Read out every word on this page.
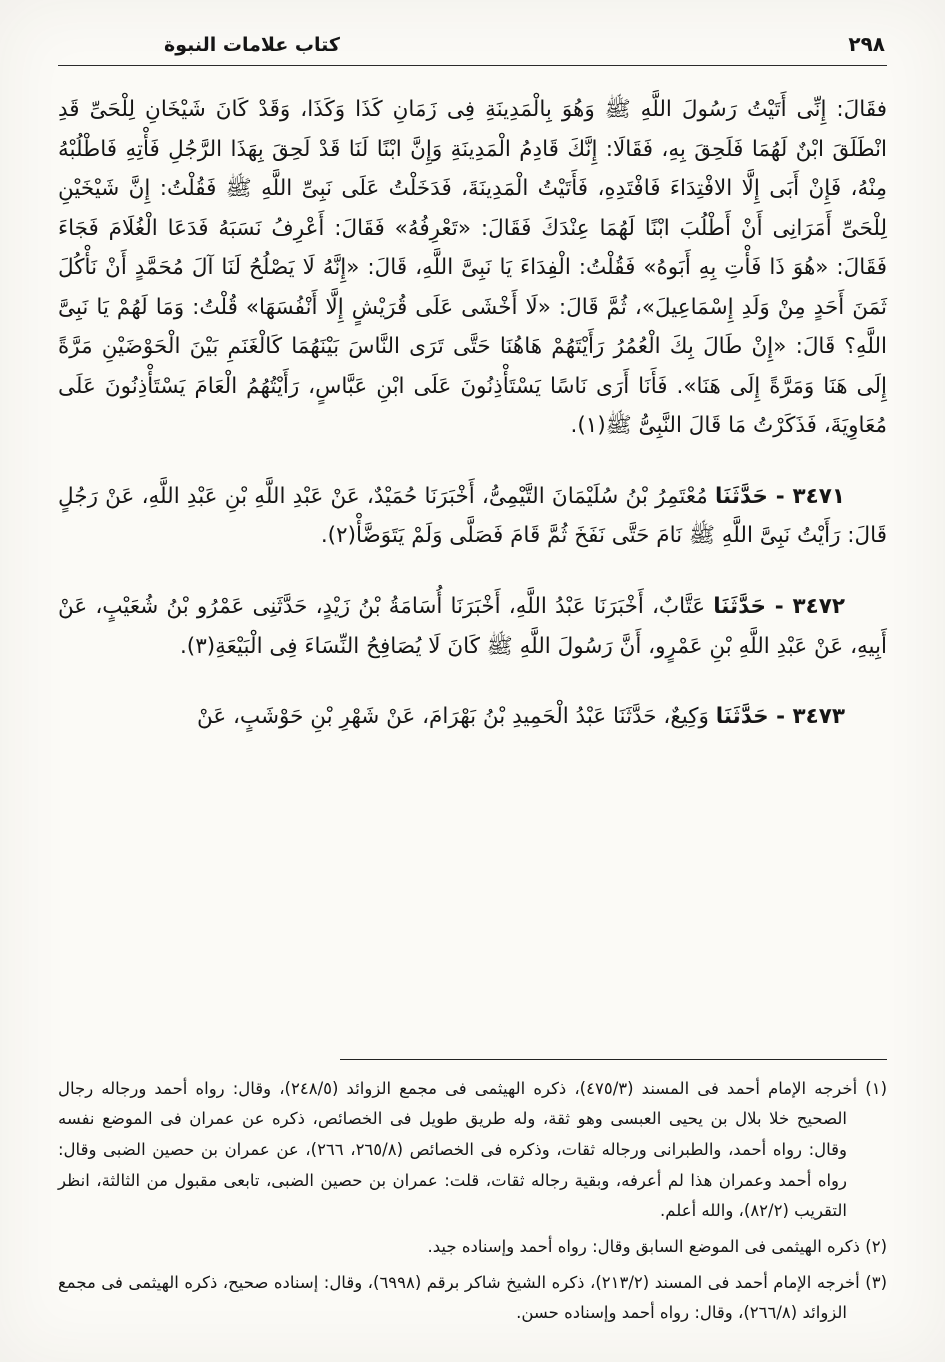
٢٩٨
كتاب علامات النبوة

فقَالَ: إِنِّى أَتَيْتُ رَسُولَ اللَّهِ ﷺ وَهُوَ بِالْمَدِينَةِ فِى زَمَانِ كَذَا وَكَذَا، وَقَدْ كَانَ شَيْخَانِ لِلْحَىِّ قَدِ انْطَلَقَ ابْنٌ لَهُمَا فَلَحِقَ بِهِ، فَقَالَا: إِنَّكَ قَادِمُ الْمَدِينَةِ وَإِنَّ ابْنًا لَنَا قَدْ لَحِقَ بِهَذَا الرَّجُلِ فَأْتِهِ فَاطْلُبْهُ مِنْهُ، فَإِنْ أَبَى إِلَّا الافْتِدَاءَ فَافْتَدِهِ، فَأَتَيْتُ الْمَدِينَةَ، فَدَخَلْتُ عَلَى نَبِىِّ اللَّهِ ﷺ فَقُلْتُ: إِنَّ شَيْخَيْنِ لِلْحَىِّ أَمَرَانِى أَنْ أَطْلُبَ ابْنًا لَهُمَا عِنْدَكَ فَقَالَ: «تَعْرِفُهُ» فَقَالَ: أَعْرِفُ نَسَبَهُ فَدَعَا الْغُلَامَ فَجَاءَ فَقَالَ: «هُوَ ذَا فَأْتِ بِهِ أَبَوهُ» فَقُلْتُ: الْفِدَاءَ يَا نَبِىَّ اللَّهِ، قَالَ: «إِنَّهُ لَا يَصْلُحُ لَنَا آلَ مُحَمَّدٍ أَنْ نَأْكُلَ ثَمَنَ أَحَدٍ مِنْ وَلَدِ إِسْمَاعِيلَ»، ثُمَّ قَالَ: «لَا أَخْشَى عَلَى قُرَيْشٍ إِلَّا أَنْفُسَهَا» قُلْتُ: وَمَا لَهُمْ يَا نَبِىَّ اللَّهِ؟ قَالَ: «إِنْ طَالَ بِكَ الْعُمُرُ رَأَيْتَهُمْ هَاهُنَا حَتَّى تَرَى النَّاسَ بَيْنَهُمَا كَالْغَنَمِ بَيْنَ الْحَوْضَيْنِ مَرَّةً إِلَى هَنَا وَمَرَّةً إِلَى هَنَا». فَأَنَا أَرَى نَاسًا يَسْتَأْذِنُونَ عَلَى ابْنِ عَبَّاسٍ، رَأَيْتُهُمُ الْعَامَ يَسْتَأْذِنُونَ عَلَى مُعَاوِيَةَ، فَذَكَرْتُ مَا قَالَ النَّبِىُّ ﷺ(١).

٣٤٧١ - حَدَّثَنَا مُعْتَمِرُ بْنُ سُلَيْمَانَ التَّيْمِىُّ، أَخْبَرَنَا حُمَيْدٌ، عَنْ عَبْدِ اللَّهِ بْنِ عَبْدِ اللَّهِ، عَنْ رَجُلٍ قَالَ: رَأَيْتُ نَبِىَّ اللَّهِ ﷺ نَامَ حَتَّى نَفَخَ ثُمَّ قَامَ فَصَلَّى وَلَمْ يَتَوَضَّأْ(٢).

٣٤٧٢ - حَدَّثَنَا عَتَّابٌ، أَخْبَرَنَا عَبْدُ اللَّهِ، أَخْبَرَنَا أُسَامَةُ بْنُ زَيْدٍ، حَدَّثَنِى عَمْرُو بْنُ شُعَيْبٍ، عَنْ أَبِيهِ، عَنْ عَبْدِ اللَّهِ بْنِ عَمْرٍو، أَنَّ رَسُولَ اللَّهِ ﷺ كَانَ لَا يُصَافِحُ النِّسَاءَ فِى الْبَيْعَةِ(٣).

٣٤٧٣ - حَدَّثَنَا وَكِيعٌ، حَدَّثَنَا عَبْدُ الْحَمِيدِ بْنُ بَهْرَامَ، عَنْ شَهْرِ بْنِ حَوْشَبٍ، عَنْ

(١) أخرجه الإمام أحمد فى المسند (٤٧٥/٣)، ذكره الهيثمى فى مجمع الزوائد (٢٤٨/٥)، وقال: رواه أحمد ورجاله رجال الصحيح خلا بلال بن يحيى العبسى وهو ثقة، وله طريق طويل فى الخصائص، ذكره عن عمران فى الموضع نفسه وقال: رواه أحمد، والطبرانى ورجاله ثقات، وذكره فى الخصائص (٢٦٥/٨، ٢٦٦)، عن عمران بن حصين الضبى وقال: رواه أحمد وعمران هذا لم أعرفه، وبقية رجاله ثقات، قلت: عمران بن حصين الضبى، تابعى مقبول من الثالثة، انظر التقريب (٨٢/٢)، والله أعلم.

(٢) ذكره الهيثمى فى الموضع السابق وقال: رواه أحمد وإسناده جيد.

(٣) أخرجه الإمام أحمد فى المسند (٢١٣/٢)، ذكره الشيخ شاكر برقم (٦٩٩٨)، وقال: إسناده صحيح، ذكره الهيثمى فى مجمع الزوائد (٢٦٦/٨)، وقال: رواه أحمد وإسناده حسن.
